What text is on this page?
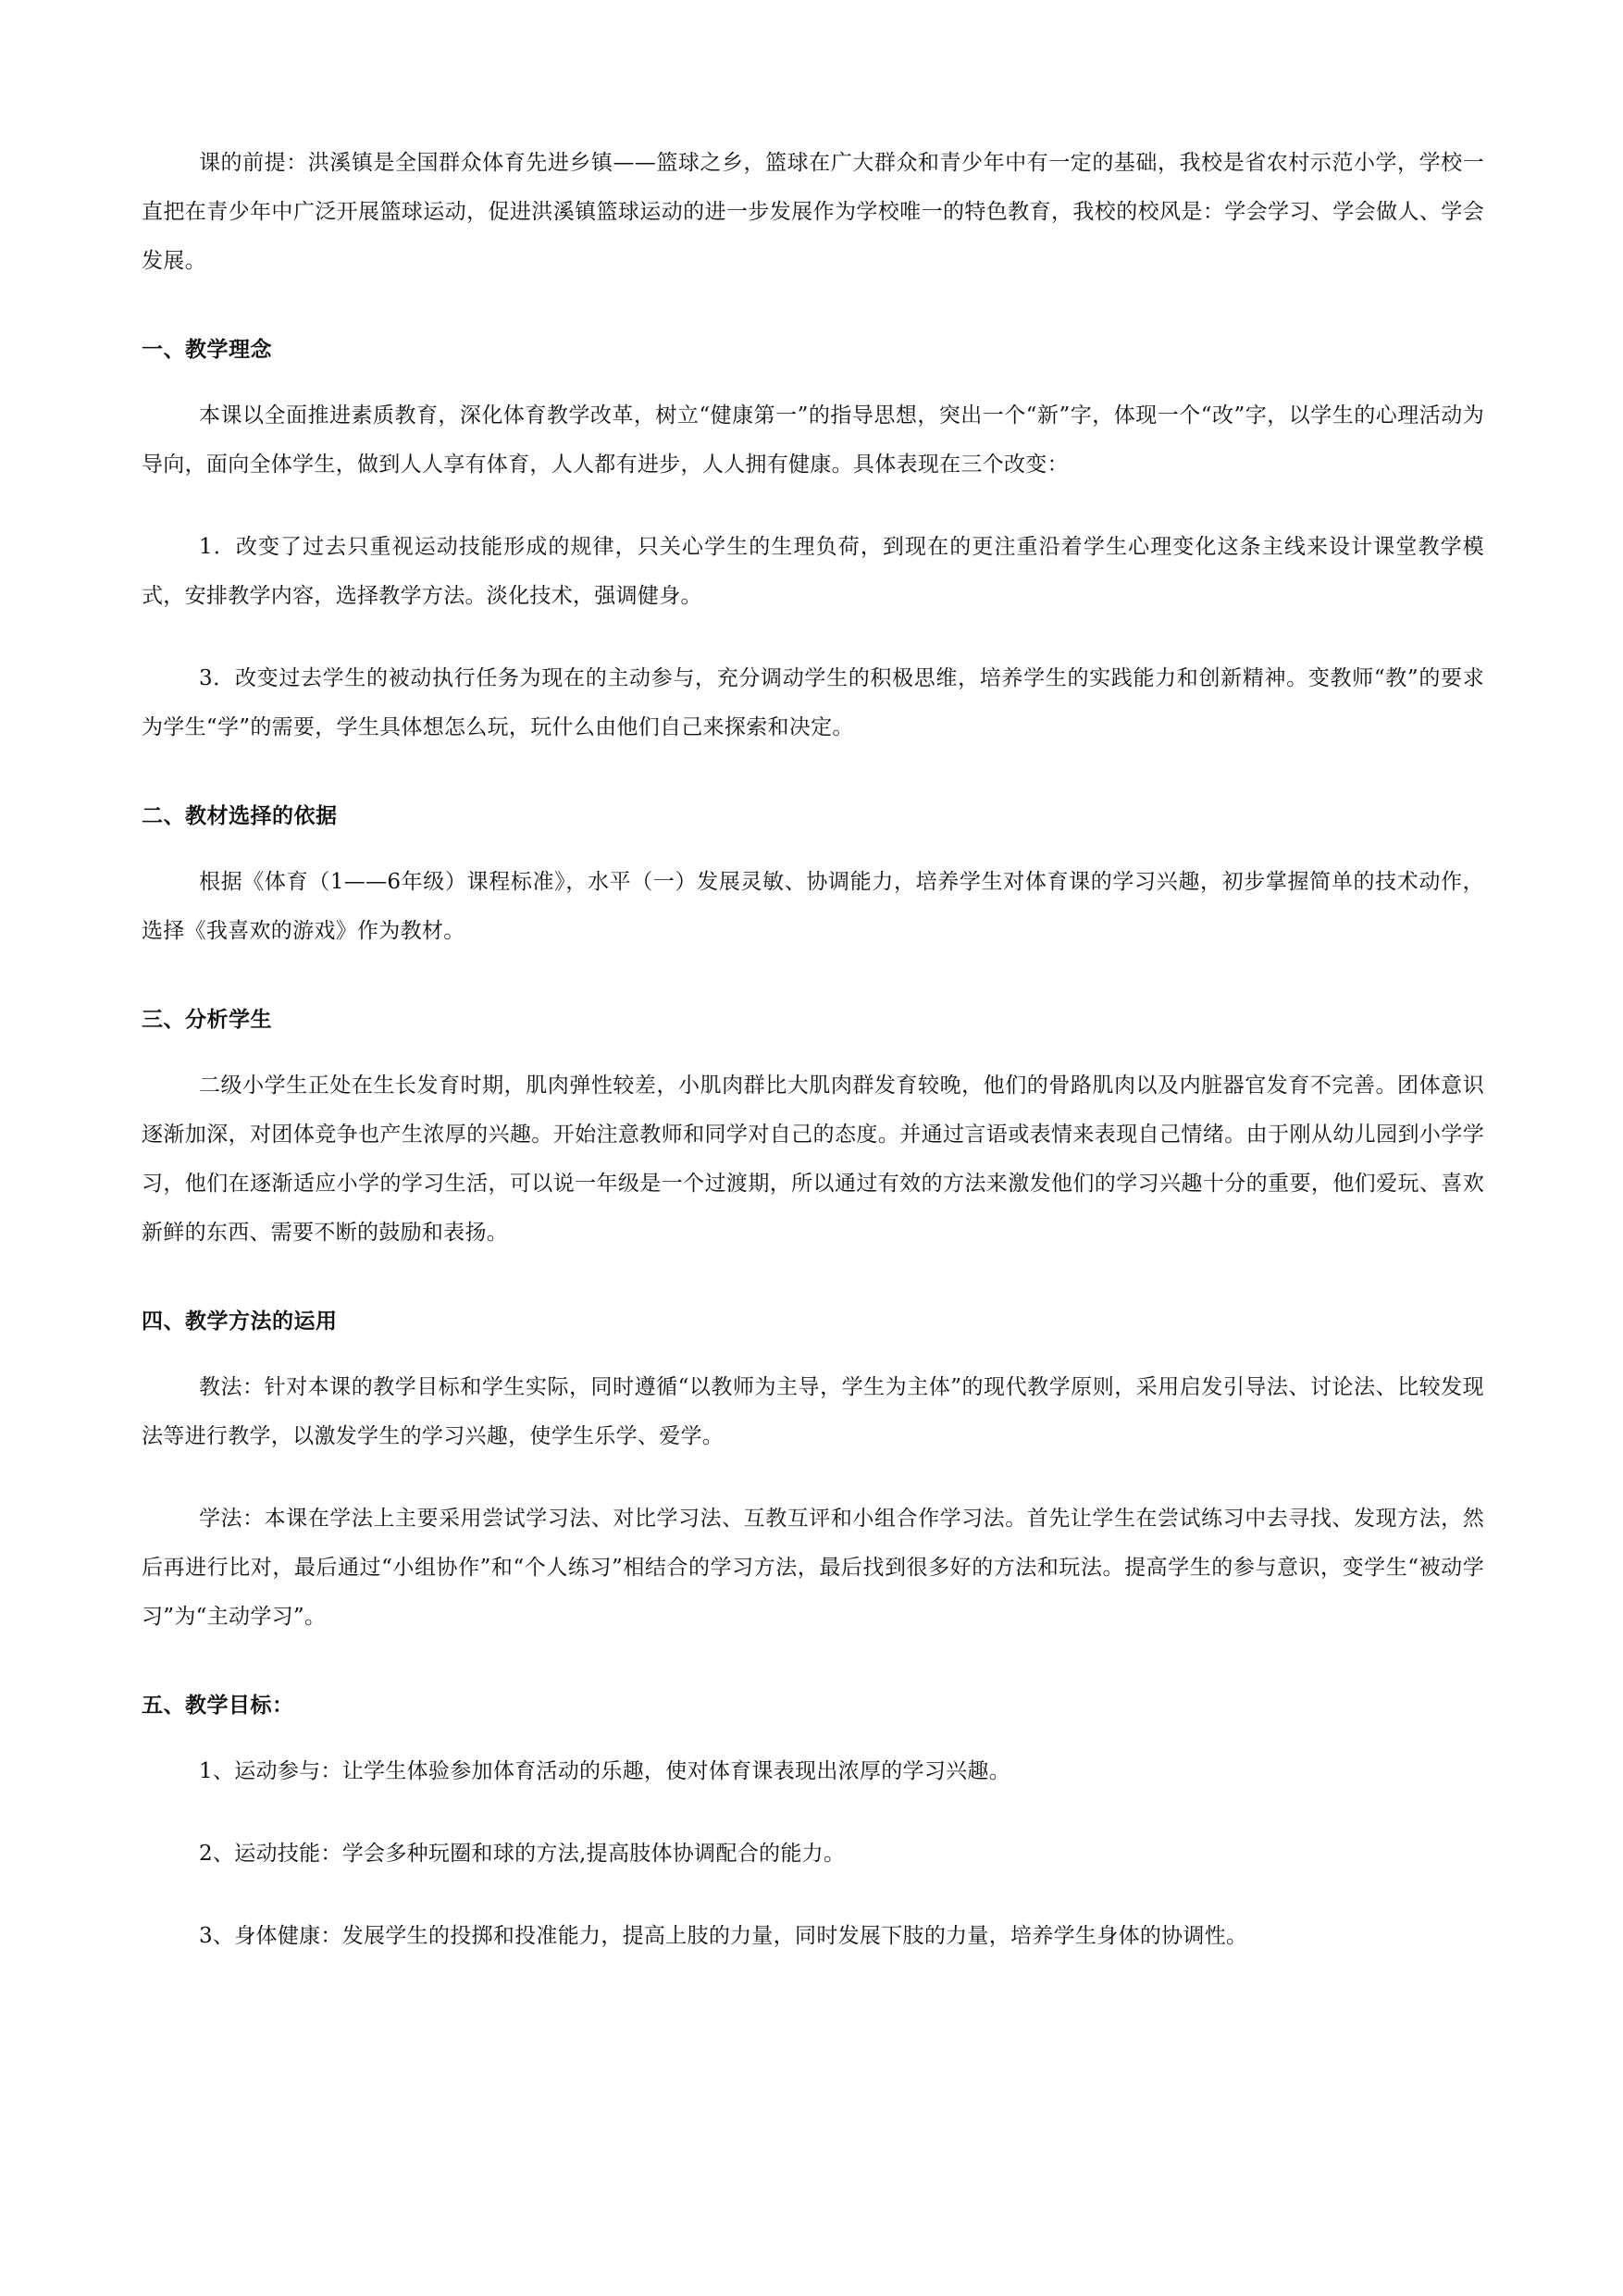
课的前提：洪溪镇是全国群众体育先进乡镇——篮球之乡，篮球在广大群众和青少年中有一定的基础，我校是省农村示范小学，学校一直把在青少年中广泛开展篮球运动，促进洪溪镇篮球运动的进一步发展作为学校唯一的特色教育，我校的校风是：学会学习、学会做人、学会发展。

一、教学理念

本课以全面推进素质教育，深化体育教学改革，树立“健康第一”的指导思想，突出一个“新”字，体现一个“改”字，以学生的心理活动为导向，面向全体学生，做到人人享有体育，人人都有进步，人人拥有健康。具体表现在三个改变：

1．改变了过去只重视运动技能形成的规律，只关心学生的生理负荷，到现在的更注重沿着学生心理变化这条主线来设计课堂教学模式，安排教学内容，选择教学方法。淡化技术，强调健身。

3．改变过去学生的被动执行任务为现在的主动参与，充分调动学生的积极思维，培养学生的实践能力和创新精神。变教师“教”的要求为学生“学”的需要，学生具体想怎么玩，玩什么由他们自己来探索和决定。

二、教材选择的依据

根据《体育（1——6年级）课程标准》，水平（一）发展灵敏、协调能力，培养学生对体育课的学习兴趣，初步掌握简单的技术动作，选择《我喜欢的游戏》作为教材。

三、分析学生

二级小学生正处在生长发育时期，肌肉弹性较差，小肌肉群比大肌肉群发育较晚，他们的骨路肌肉以及内脏器官发育不完善。团体意识逐渐加深，对团体竞争也产生浓厚的兴趣。开始注意教师和同学对自己的态度。并通过言语或表情来表现自己情绪。由于刚从幼儿园到小学学习，他们在逐渐适应小学的学习生活，可以说一年级是一个过渡期，所以通过有效的方法来激发他们的学习兴趣十分的重要，他们爱玩、喜欢新鲜的东西、需要不断的鼓励和表扬。

四、教学方法的运用

教法：针对本课的教学目标和学生实际，同时遵循“以教师为主导，学生为主体”的现代教学原则，采用启发引导法、讨论法、比较发现法等进行教学，以激发学生的学习兴趣，使学生乐学、爱学。

学法：本课在学法上主要采用尝试学习法、对比学习法、互教互评和小组合作学习法。首先让学生在尝试练习中去寻找、发现方法，然后再进行比对，最后通过“小组协作”和“个人练习”相结合的学习方法，最后找到很多好的方法和玩法。提高学生的参与意识，变学生“被动学习”为“主动学习”。

五、教学目标：

1、运动参与：让学生体验参加体育活动的乐趣，使对体育课表现出浓厚的学习兴趣。

2、运动技能：学会多种玩圈和球的方法,提高肢体协调配合的能力。

3、身体健康：发展学生的投掷和投准能力，提高上肢的力量，同时发展下肢的力量，培养学生身体的协调性。
